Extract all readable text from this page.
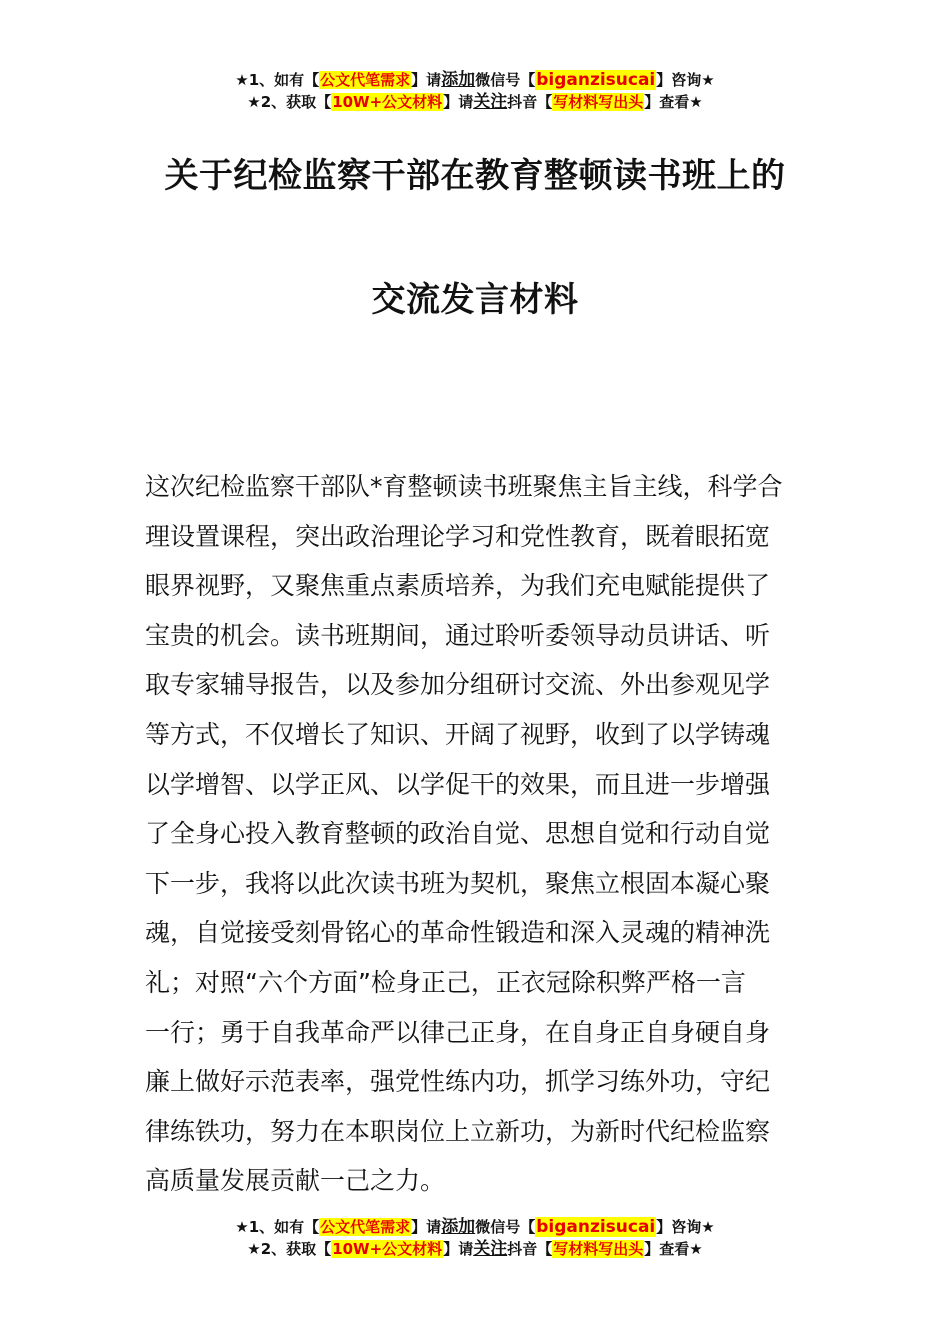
★1、如有【公文代笔需求】请添加微信号【biganzisucai】咨询★
★2、获取【10W+公文材料】请关注抖音【写材料写出头】查看★
关于纪检监察干部在教育整顿读书班上的
交流发言材料
这次纪检监察干部队*育整顿读书班聚焦主旨主线，科学合
理设置课程，突出政治理论学习和党性教育，既着眼拓宽
眼界视野，又聚焦重点素质培养，为我们充电赋能提供了
宝贵的机会。读书班期间，通过聆听委领导动员讲话、听
取专家辅导报告，以及参加分组研讨交流、外出参观见学
等方式，不仅增长了知识、开阔了视野，收到了以学铸魂
以学增智、以学正风、以学促干的效果，而且进一步增强
了全身心投入教育整顿的政治自觉、思想自觉和行动自觉
下一步，我将以此次读书班为契机，聚焦立根固本凝心聚
魂，自觉接受刻骨铭心的革命性锻造和深入灵魂的精神洗
礼；对照“六个方面”检身正己，正衣冠除积弊严格一言
一行；勇于自我革命严以律己正身，在自身正自身硬自身
廉上做好示范表率，强党性练内功，抓学习练外功，守纪
律练铁功，努力在本职岗位上立新功，为新时代纪检监察
高质量发展贡献一己之力。
★1、如有【公文代笔需求】请添加微信号【biganzisucai】咨询★
★2、获取【10W+公文材料】请关注抖音【写材料写出头】查看★
